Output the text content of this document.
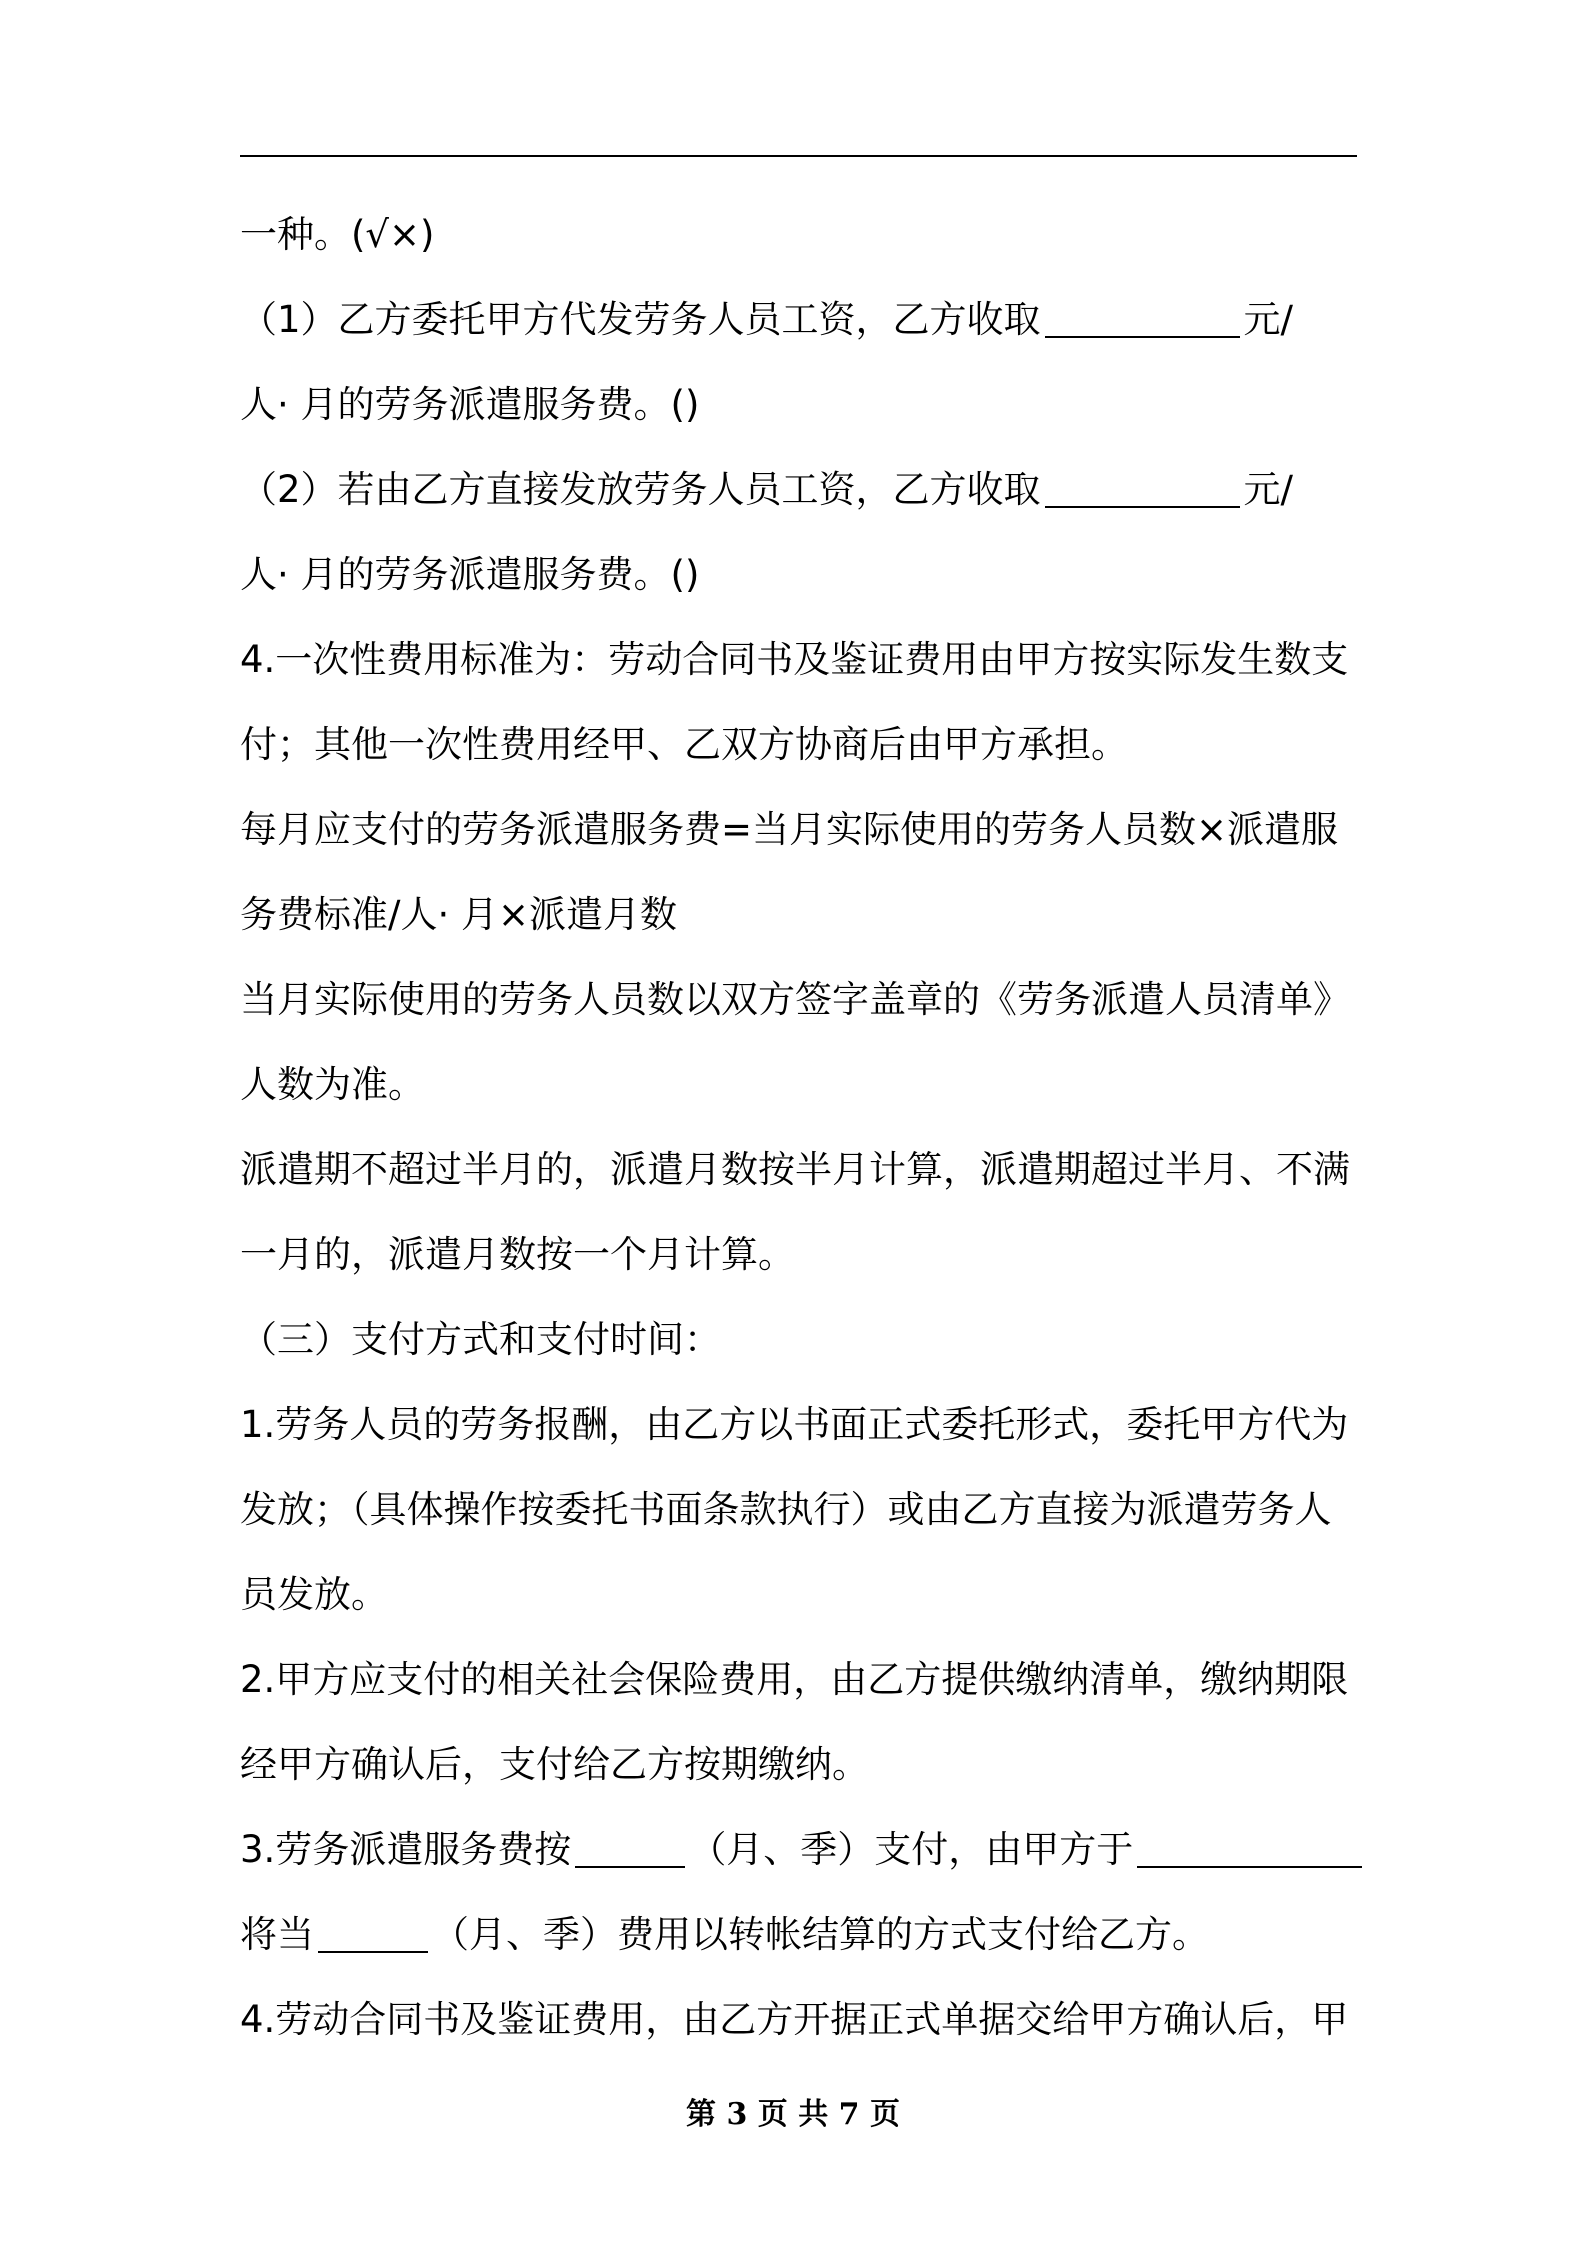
一种。(√×)
（1）乙方委托甲方代发劳务人员工资，乙方收取	元/
人· 月的劳务派遣服务费。()
（2）若由乙方直接发放劳务人员工资，乙方收取	元/
人· 月的劳务派遣服务费。()
4.一次性费用标准为：劳动合同书及鉴证费用由甲方按实际发生数支
付；其他一次性费用经甲、乙双方协商后由甲方承担。
每月应支付的劳务派遣服务费=当月实际使用的劳务人员数×派遣服
务费标准/人· 月×派遣月数
当月实际使用的劳务人员数以双方签字盖章的《劳务派遣人员清单》
人数为准。
派遣期不超过半月的，派遣月数按半月计算，派遣期超过半月、不满
一月的，派遣月数按一个月计算。
（三）支付方式和支付时间：
1.劳务人员的劳务报酬，由乙方以书面正式委托形式，委托甲方代为
发放；（具体操作按委托书面条款执行）或由乙方直接为派遣劳务人
员发放。
2.甲方应支付的相关社会保险费用，由乙方提供缴纳清单，缴纳期限
经甲方确认后，支付给乙方按期缴纳。
3.劳务派遣服务费按	（月、季）支付，由甲方于
将当	（月、季）费用以转帐结算的方式支付给乙方。
4.劳动合同书及鉴证费用，由乙方开据正式单据交给甲方确认后，甲
第 3 页 共 7 页
